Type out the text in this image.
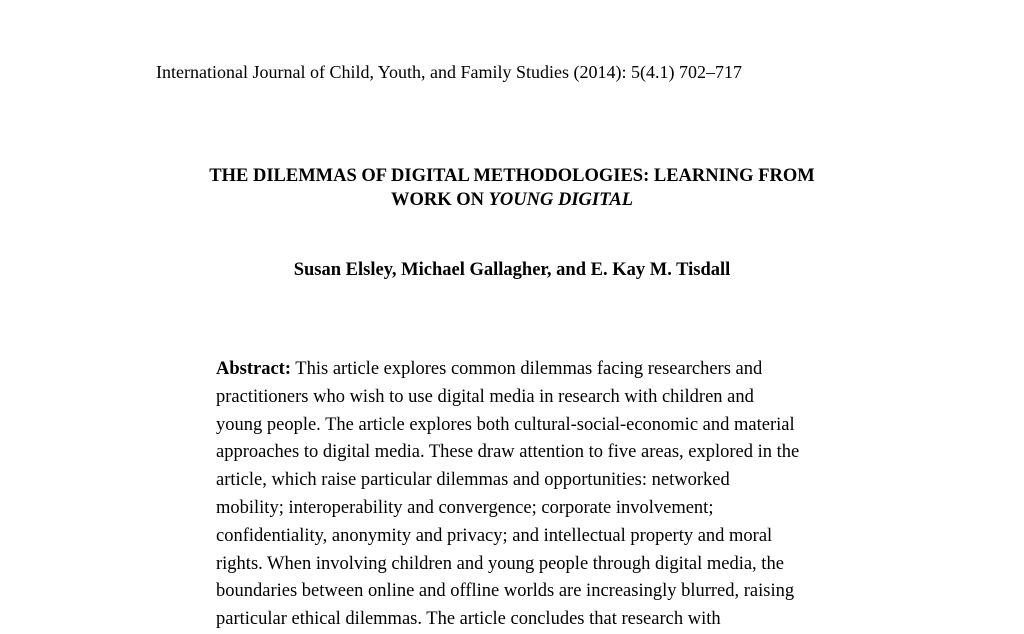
International Journal of Child, Youth, and Family Studies (2014): 5(4.1) 702–717
THE DILEMMAS OF DIGITAL METHODOLOGIES: LEARNING FROM
WORK ON YOUNG DIGITAL
Susan Elsley, Michael Gallagher, and E. Kay M. Tisdall
Abstract: This article explores common dilemmas facing researchers and
practitioners who wish to use digital media in research with children and
young people. The article explores both cultural-social-economic and material
approaches to digital media. These draw attention to five areas, explored in the
article, which raise particular dilemmas and opportunities: networked
mobility; interoperability and convergence; corporate involvement;
confidentiality, anonymity and privacy; and intellectual property and moral
rights. When involving children and young people through digital media, the
boundaries between online and offline worlds are increasingly blurred, raising
particular ethical dilemmas. The article concludes that research with
